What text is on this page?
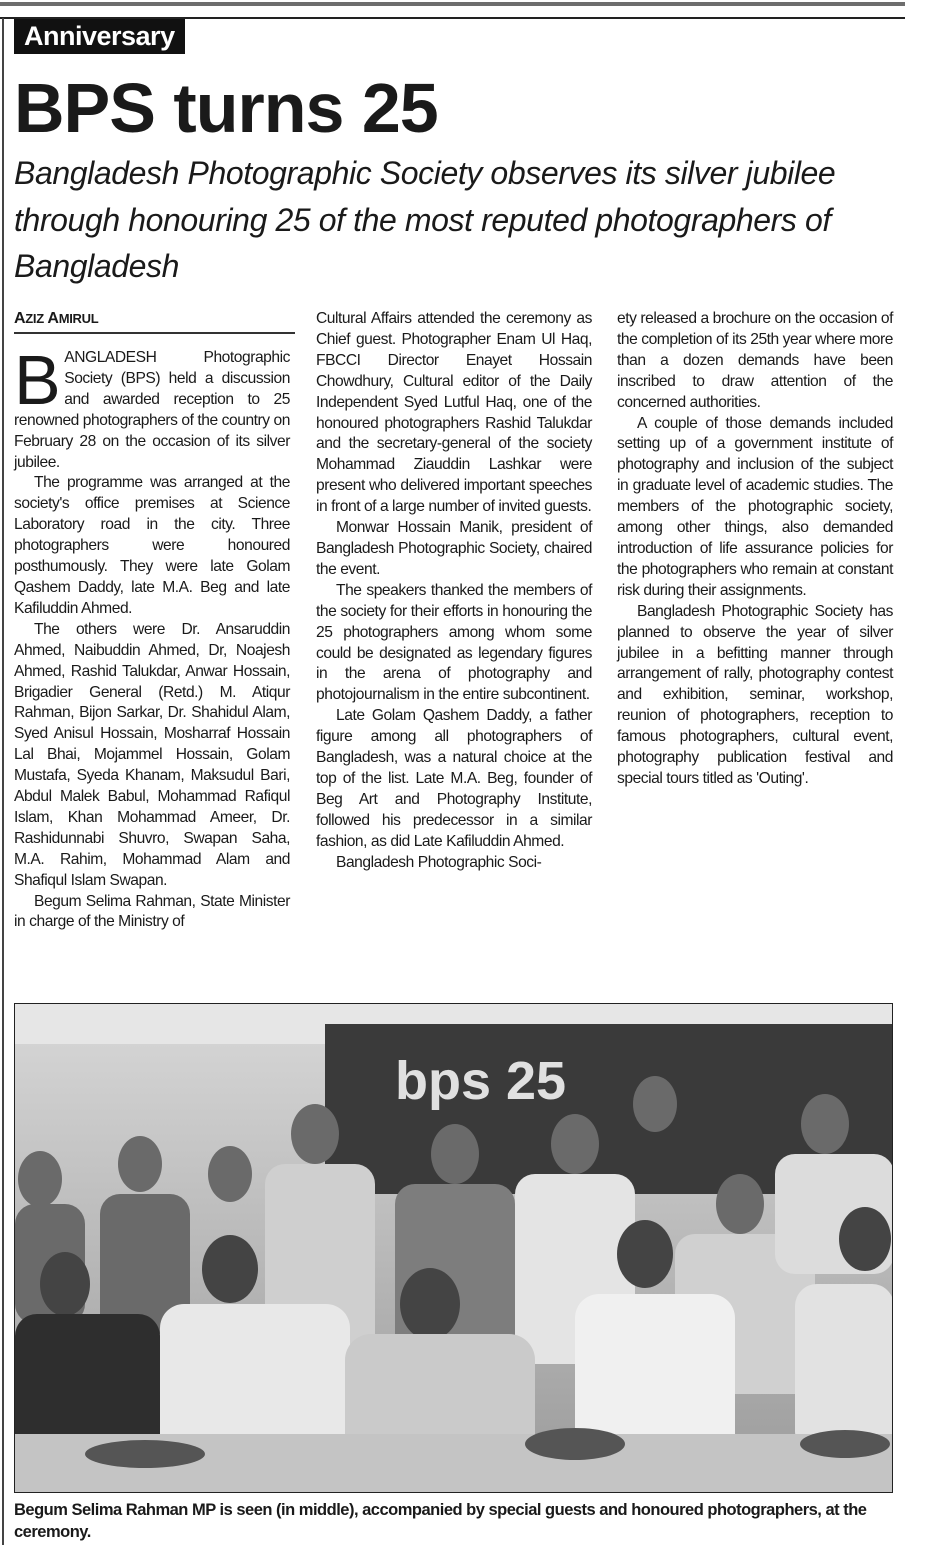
Anniversary
BPS turns 25

Bangladesh Photographic Society observes its silver jubilee through honouring 25 of the most reputed photographers of Bangladesh

AZIZ AMIRUL

BANGLADESH Photographic Society (BPS) held a discussion and awarded reception to 25 renowned photographers of the country on February 28 on the occasion of its silver jubilee.

The programme was arranged at the society's office premises at Science Laboratory road in the city. Three photographers were honoured posthumously. They were late Golam Qashem Daddy, late M.A. Beg and late Kafiluddin Ahmed.

The others were Dr. Ansaruddin Ahmed, Naibuddin Ahmed, Dr, Noajesh Ahmed, Rashid Talukdar, Anwar Hossain, Brigadier General (Retd.) M. Atiqur Rahman, Bijon Sarkar, Dr. Shahidul Alam, Syed Anisul Hossain, Mosharraf Hossain Lal Bhai, Mojammel Hossain, Golam Mustafa, Syeda Khanam, Maksudul Bari, Abdul Malek Babul, Mohammad Rafiqul Islam, Khan Mohammad Ameer, Dr. Rashidunnabi Shuvro, Swapan Saha, M.A. Rahim, Mohammad Alam and Shafiqul Islam Swapan.

Begum Selima Rahman, State Minister in charge of the Ministry of

Cultural Affairs attended the ceremony as Chief guest. Photographer Enam Ul Haq, FBCCI Director Enayet Hossain Chowdhury, Cultural editor of the Daily Independent Syed Lutful Haq, one of the honoured photographers Rashid Talukdar and the secretary-general of the society Mohammad Ziauddin Lashkar were present who delivered important speeches in front of a large number of invited guests.

Monwar Hossain Manik, president of Bangladesh Photographic Society, chaired the event.

The speakers thanked the members of the society for their efforts in honouring the 25 photographers among whom some could be designated as legendary figures in the arena of photography and photojournalism in the entire subcontinent.

Late Golam Qashem Daddy, a father figure among all photographers of Bangladesh, was a natural choice at the top of the list. Late M.A. Beg, founder of Beg Art and Photography Institute, followed his predecessor in a similar fashion, as did Late Kafiluddin Ahmed.

Bangladesh Photographic Soci-

ety released a brochure on the occasion of the completion of its 25th year where more than a dozen demands have been inscribed to draw attention of the concerned authorities.

A couple of those demands included setting up of a government institute of photography and inclusion of the subject in graduate level of academic studies. The members of the photographic society, among other things, also demanded introduction of life assurance policies for the photographers who remain at constant risk during their assignments.

Bangladesh Photographic Society has planned to observe the year of silver jubilee in a befitting manner through arrangement of rally, photography contest and exhibition, seminar, workshop, reunion of photographers, reception to famous photographers, cultural event, photography publication festival and special tours titled as 'Outing'.

bps 25
Begum Selima Rahman MP is seen (in middle), accompanied by special guests and honoured photographers, at the ceremony.
